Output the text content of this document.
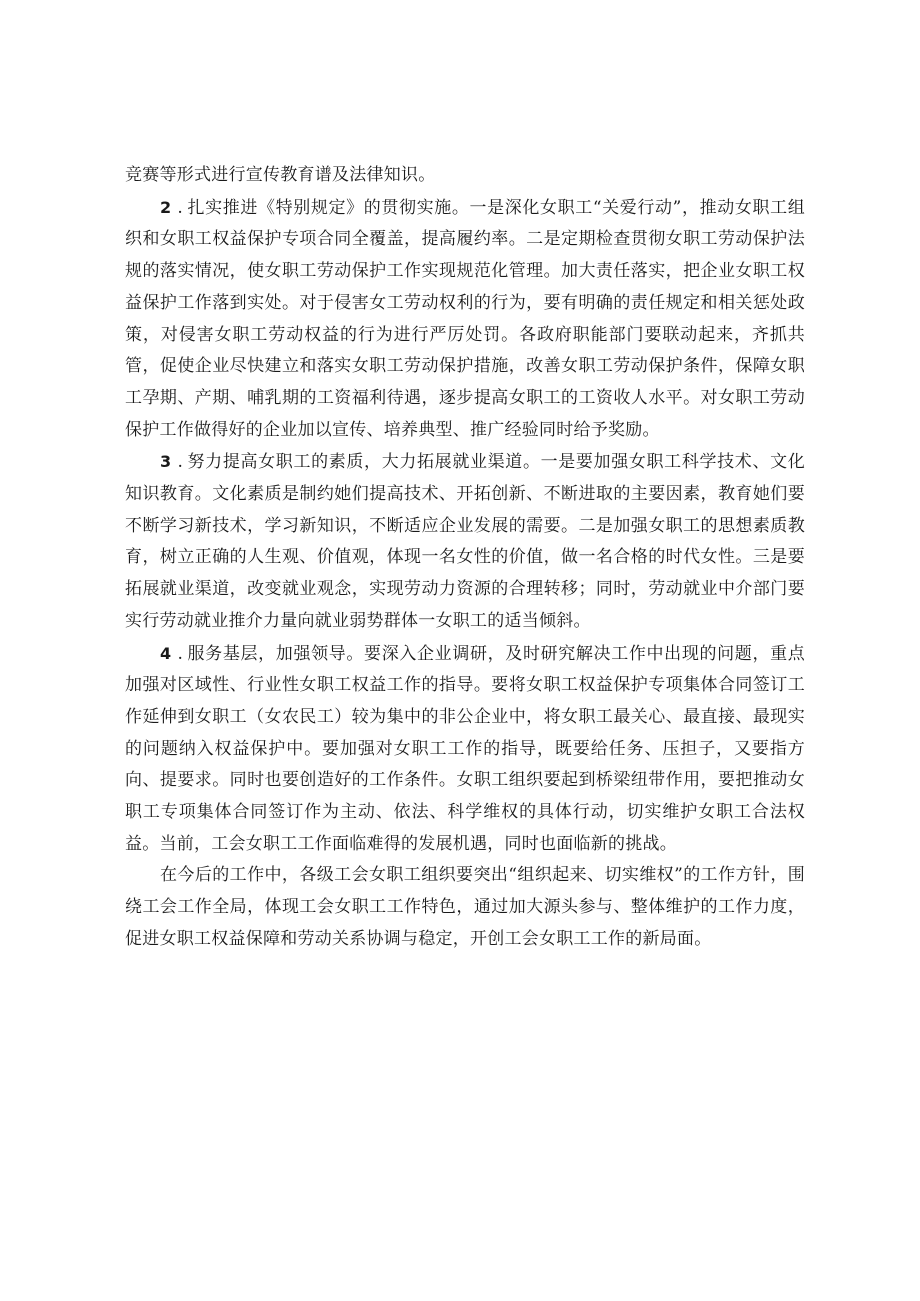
竞赛等形式进行宣传教育谱及法律知识。

2 . 扎实推进《特别规定》的贯彻实施。一是深化女职工“关爱行动”，推动女职工组织和女职工权益保护专项合同全覆盖，提高履约率。二是定期检查贯彻女职工劳动保护法规的落实情况，使女职工劳动保护工作实现规范化管理。加大责任落实，把企业女职工权益保护工作落到实处。对于侵害女工劳动权利的行为，要有明确的责任规定和相关惩处政策，对侵害女职工劳动权益的行为进行严厉处罚。各政府职能部门要联动起来，齐抓共管，促使企业尽快建立和落实女职工劳动保护措施，改善女职工劳动保护条件，保障女职工孕期、产期、哺乳期的工资福利待遇，逐步提高女职工的工资收人水平。对女职工劳动保护工作做得好的企业加以宣传、培养典型、推广经验同时给予奖励。

3 . 努力提高女职工的素质，大力拓展就业渠道。一是要加强女职工科学技术、文化知识教育。文化素质是制约她们提高技术、开拓创新、不断进取的主要因素，教育她们要不断学习新技术，学习新知识，不断适应企业发展的需要。二是加强女职工的思想素质教育，树立正确的人生观、价值观，体现一名女性的价值，做一名合格的时代女性。三是要拓展就业渠道，改变就业观念，实现劳动力资源的合理转移；同时，劳动就业中介部门要实行劳动就业推介力量向就业弱势群体一女职工的适当倾斜。

4 . 服务基层，加强领导。要深入企业调研，及时研究解决工作中出现的问题，重点加强对区域性、行业性女职工权益工作的指导。要将女职工权益保护专项集体合同签订工作延伸到女职工（女农民工）较为集中的非公企业中，将女职工最关心、最直接、最现实的问题纳入权益保护中。要加强对女职工工作的指导，既要给任务、压担子，又要指方向、提要求。同时也要创造好的工作条件。女职工组织要起到桥梁纽带作用，要把推动女职工专项集体合同签订作为主动、依法、科学维权的具体行动，切实维护女职工合法权益。当前，工会女职工工作面临难得的发展机遇，同时也面临新的挑战。

在今后的工作中，各级工会女职工组织要突出“组织起来、切实维权”的工作方针，围绕工会工作全局，体现工会女职工工作特色，通过加大源头参与、整体维护的工作力度，促进女职工权益保障和劳动关系协调与稳定，开创工会女职工工作的新局面。
